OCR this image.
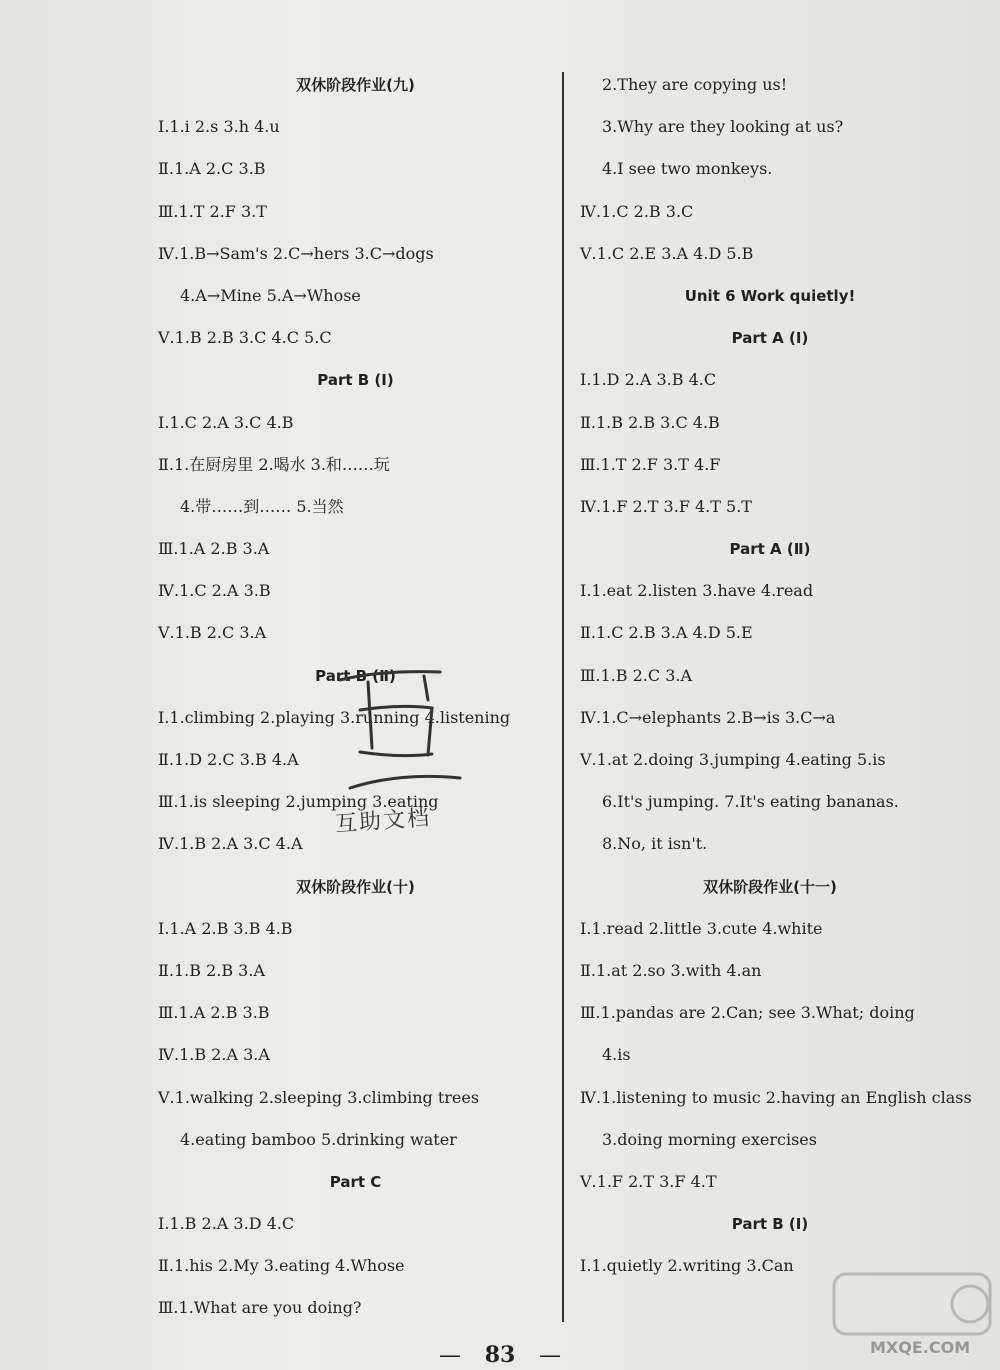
双休阶段作业(九)
Ⅰ.1.i 2.s 3.h 4.u
Ⅱ.1.A 2.C 3.B
Ⅲ.1.T 2.F 3.T
Ⅳ.1.B→Sam's 2.C→hers 3.C→dogs
4.A→Mine 5.A→Whose
Ⅴ.1.B 2.B 3.C 4.C 5.C
Part B (Ⅰ)
Ⅰ.1.C 2.A 3.C 4.B
Ⅱ.1.在厨房里 2.喝水 3.和……玩
4.带……到…… 5.当然
Ⅲ.1.A 2.B 3.A
Ⅳ.1.C 2.A 3.B
Ⅴ.1.B 2.C 3.A
Part B (Ⅱ)
Ⅰ.1.climbing 2.playing 3.running 4.listening
Ⅱ.1.D 2.C 3.B 4.A
Ⅲ.1.is sleeping 2.jumping 3.eating
Ⅳ.1.B 2.A 3.C 4.A
双休阶段作业(十)
Ⅰ.1.A 2.B 3.B 4.B
Ⅱ.1.B 2.B 3.A
Ⅲ.1.A 2.B 3.B
Ⅳ.1.B 2.A 3.A
Ⅴ.1.walking 2.sleeping 3.climbing trees
4.eating bamboo 5.drinking water
Part C
Ⅰ.1.B 2.A 3.D 4.C
Ⅱ.1.his 2.My 3.eating 4.Whose
Ⅲ.1.What are you doing?
2.They are copying us!
3.Why are they looking at us?
4.I see two monkeys.
Ⅳ.1.C 2.B 3.C
Ⅴ.1.C 2.E 3.A 4.D 5.B
Unit 6 Work quietly!
Part A (Ⅰ)
Ⅰ.1.D 2.A 3.B 4.C
Ⅱ.1.B 2.B 3.C 4.B
Ⅲ.1.T 2.F 3.T 4.F
Ⅳ.1.F 2.T 3.F 4.T 5.T
Part A (Ⅱ)
Ⅰ.1.eat 2.listen 3.have 4.read
Ⅱ.1.C 2.B 3.A 4.D 5.E
Ⅲ.1.B 2.C 3.A
Ⅳ.1.C→elephants 2.B→is 3.C→a
Ⅴ.1.at 2.doing 3.jumping 4.eating 5.is
6.It's jumping. 7.It's eating bananas.
8.No, it isn't.
双休阶段作业(十一)
Ⅰ.1.read 2.little 3.cute 4.white
Ⅱ.1.at 2.so 3.with 4.an
Ⅲ.1.pandas are 2.Can; see 3.What; doing
4.is
Ⅳ.1.listening to music 2.having an English class
3.doing morning exercises
Ⅴ.1.F 2.T 3.F 4.T
Part B (Ⅰ)
Ⅰ.1.quietly 2.writing 3.Can
互助文档
MXQE.COM
— 83 —
